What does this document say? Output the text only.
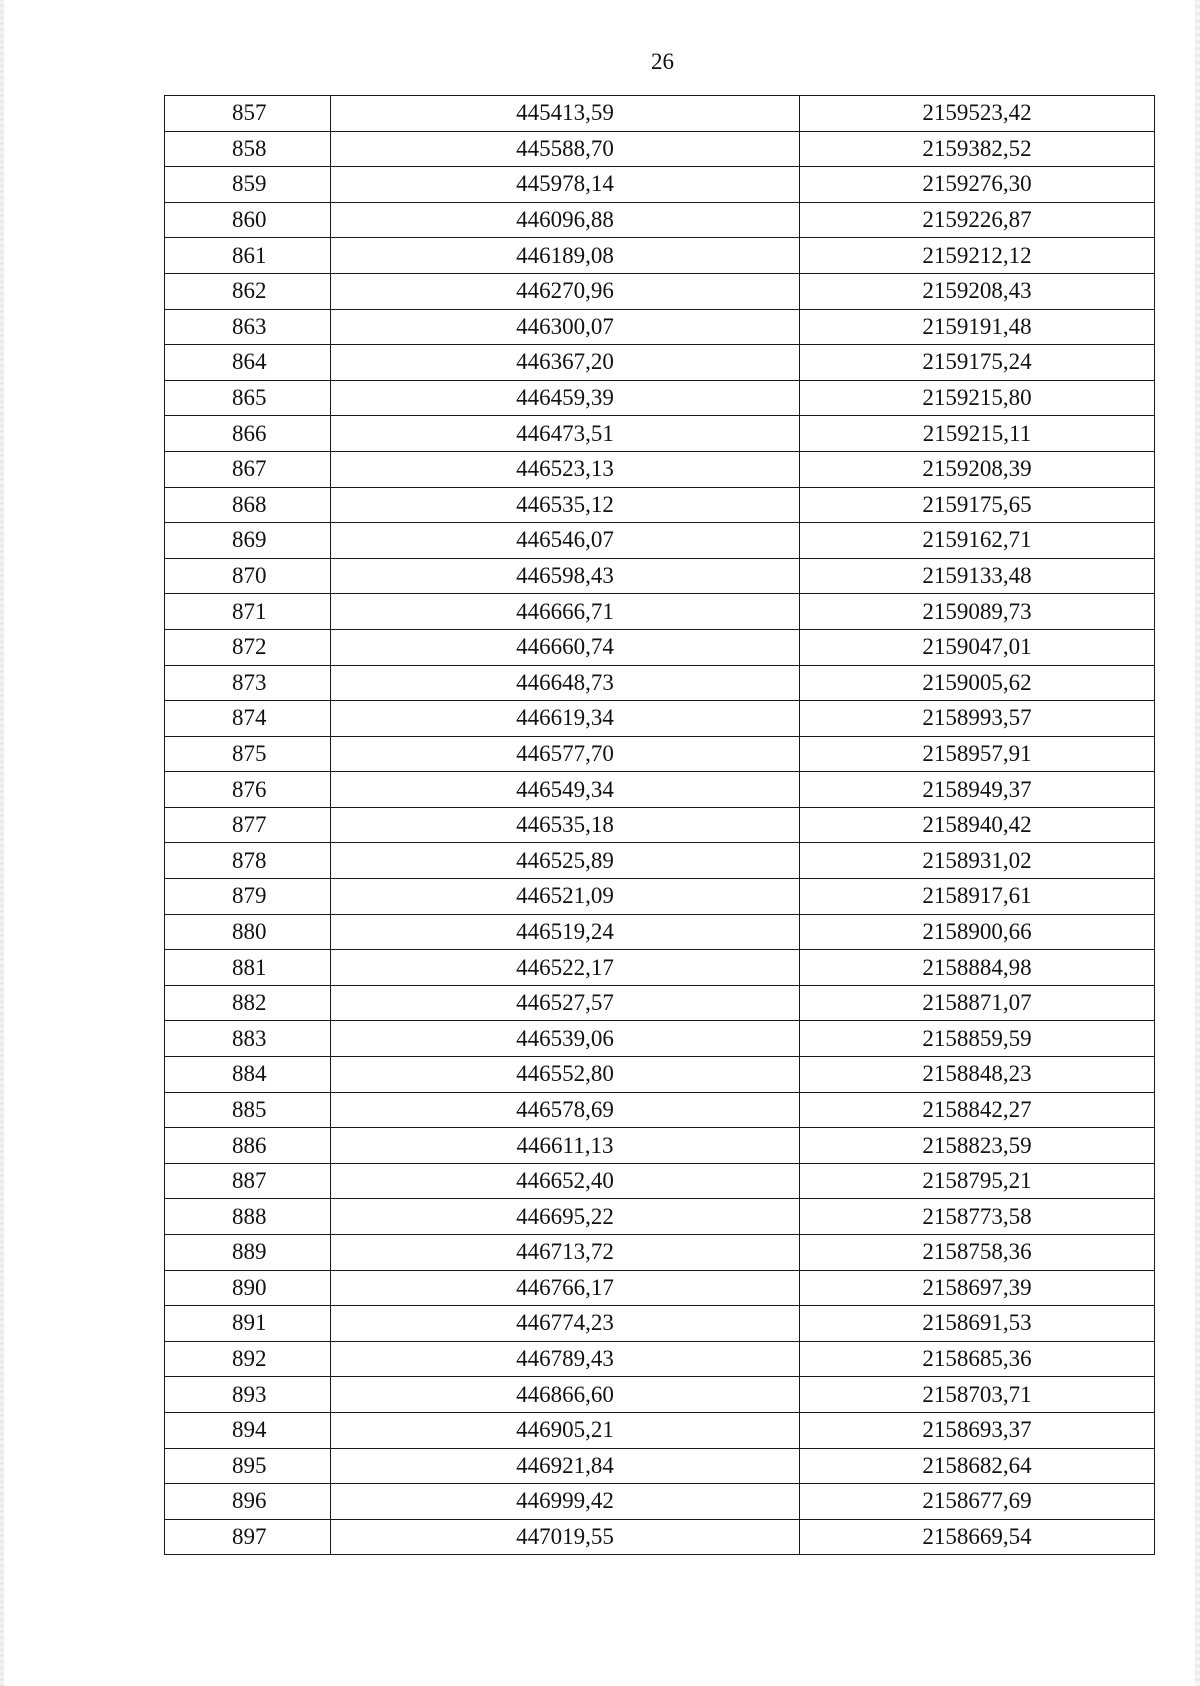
26
857	445413,59	2159523,42
858	445588,70	2159382,52
859	445978,14	2159276,30
860	446096,88	2159226,87
861	446189,08	2159212,12
862	446270,96	2159208,43
863	446300,07	2159191,48
864	446367,20	2159175,24
865	446459,39	2159215,80
866	446473,51	2159215,11
867	446523,13	2159208,39
868	446535,12	2159175,65
869	446546,07	2159162,71
870	446598,43	2159133,48
871	446666,71	2159089,73
872	446660,74	2159047,01
873	446648,73	2159005,62
874	446619,34	2158993,57
875	446577,70	2158957,91
876	446549,34	2158949,37
877	446535,18	2158940,42
878	446525,89	2158931,02
879	446521,09	2158917,61
880	446519,24	2158900,66
881	446522,17	2158884,98
882	446527,57	2158871,07
883	446539,06	2158859,59
884	446552,80	2158848,23
885	446578,69	2158842,27
886	446611,13	2158823,59
887	446652,40	2158795,21
888	446695,22	2158773,58
889	446713,72	2158758,36
890	446766,17	2158697,39
891	446774,23	2158691,53
892	446789,43	2158685,36
893	446866,60	2158703,71
894	446905,21	2158693,37
895	446921,84	2158682,64
896	446999,42	2158677,69
897	447019,55	2158669,54
